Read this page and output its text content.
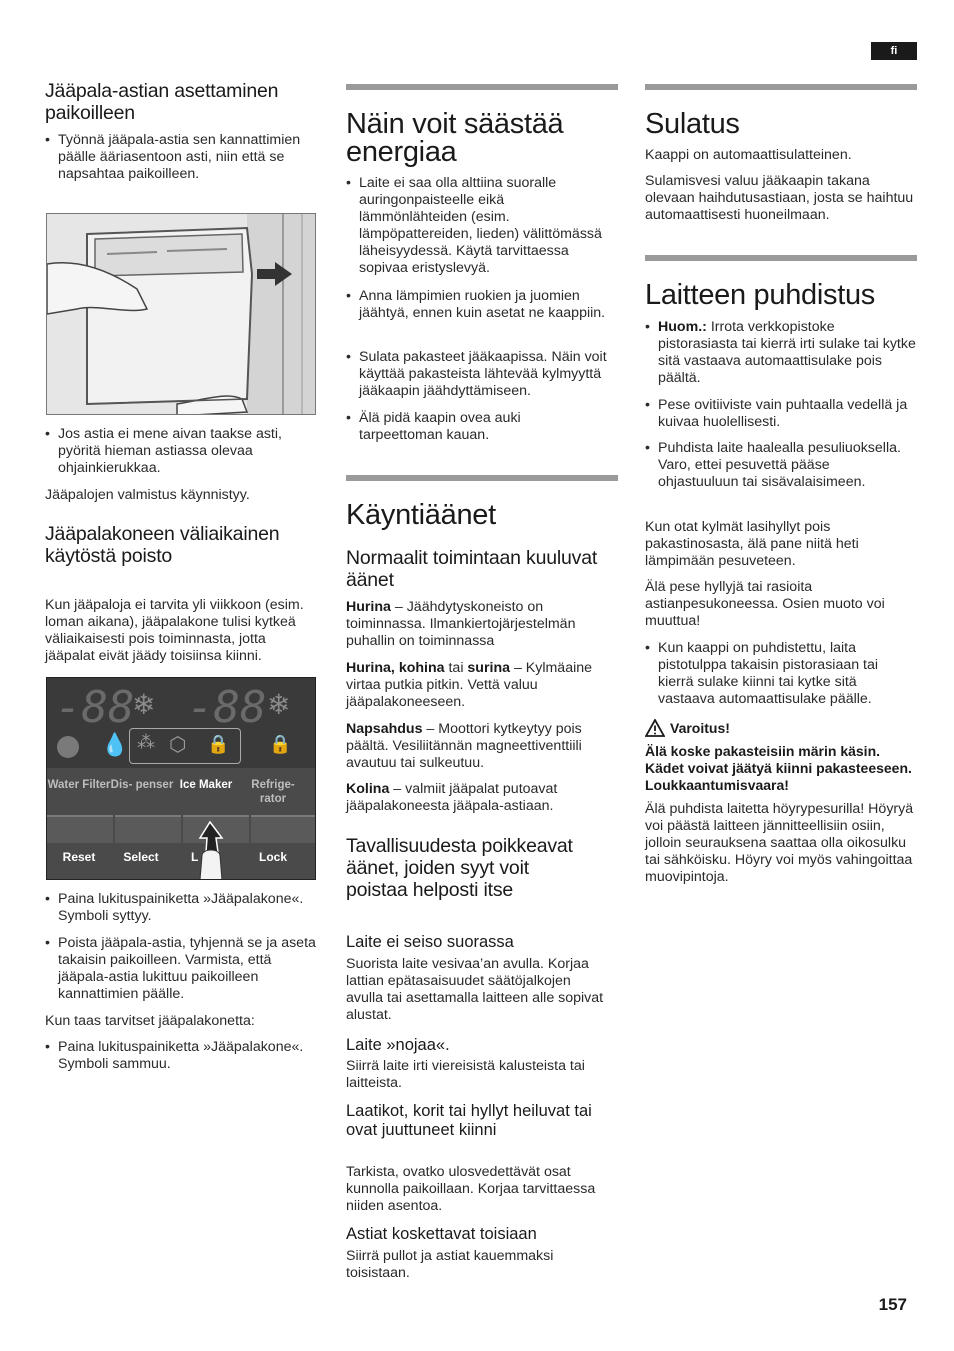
fi
Jääpala-astian asettaminen paikoilleen
• Työnnä jääpala-astia sen kannattimien päälle ääriasentoon asti, niin että se napsahtaa paikoilleen.
• Jos astia ei mene aivan taakse asti, pyöritä hieman astiassa olevaa ohjainkierukkaa.

Jääpalojen valmistus käynnistyy.

Jääpalakoneen väliaikainen käytöstä poisto

Kun jääpaloja ei tarvita yli viikkoon (esim. loman aikana), jääpalakone tulisi kytkeä väliaikaisesti pois toiminnasta, jotta jääpalat eivät jäädy toisiinsa kiinni.

-88 -88
❄	❄
💧 ⁂ ⬡ 🔒 🔒
Water Filter Dis- penser Ice Maker	Refrige- rator
Reset	Select	L	Lock
• Paina lukituspainiketta »Jääpalakone«. Symboli syttyy.
• Poista jääpala-astia, tyhjennä se ja aseta takaisin paikoilleen. Varmista, että jääpala-astia lukittuu paikoilleen kannattimien päälle.

Kun taas tarvitset jääpalakonetta:

• Paina lukituspainiketta »Jääpalakone«. Symboli sammuu.
Näin voit säästää energiaa
• Laite ei saa olla alttiina suoralle auringonpaisteelle eikä lämmönlähteiden (esim. lämpöpattereiden, lieden) välittömässä läheisyydessä. Käytä tarvittaessa sopivaa eristyslevyä.
• Anna lämpimien ruokien ja juomien jäähtyä, ennen kuin asetat ne kaappiin.
• Sulata pakasteet jääkaapissa. Näin voit käyttää pakasteista lähtevää kylmyyttä jääkaapin jäähdyttämiseen.
• Älä pidä kaapin ovea auki tarpeettoman kauan.
Käyntiäänet
Normaalit toimintaan kuuluvat äänet

Hurina – Jäähdytyskoneisto on toiminnassa. Ilmankiertojärjestelmän puhallin on toiminnassa

Hurina, kohina tai surina – Kylmäaine virtaa putkia pitkin. Vettä valuu jääpalakoneeseen.

Napsahdus – Moottori kytkeytyy pois päältä. Vesiliitännän magneettiventtiili avautuu tai sulkeutuu.

Kolina – valmiit jääpalat putoavat jääpalakoneesta jääpala-astiaan.

Tavallisuudesta poikkeavat äänet, joiden syyt voit poistaa helposti itse
Laite ei seiso suorassa

Suorista laite vesivaa’an avulla. Korjaa lattian epätasaisuudet säätöjalkojen avulla tai asettamalla laitteen alle sopivat alustat.

Laite »nojaa«.

Siirrä laite irti viereisistä kalusteista tai laitteista.

Laatikot, korit tai hyllyt heiluvat tai ovat juuttuneet kiinni

Tarkista, ovatko ulosvedettävät osat kunnolla paikoillaan. Korjaa tarvittaessa niiden asentoa.

Astiat koskettavat toisiaan

Siirrä pullot ja astiat kauemmaksi toisistaan.

Sulatus

Kaappi on automaattisulatteinen.

Sulamisvesi valuu jääkaapin takana olevaan haihdutusastiaan, josta se haihtuu automaattisesti huoneilmaan.

Laitteen puhdistus
• Huom.: Irrota verkkopistoke pistorasiasta tai kierrä irti sulake tai kytke sitä vastaava automaattisulake pois päältä.
• Pese ovitiiviste vain puhtaalla vedellä ja kuivaa huolellisesti.
• Puhdista laite haalealla pesuliuoksella. Varo, ettei pesuvettä pääse ohjastuuluun tai sisävalaisimeen.

Kun otat kylmät lasihyllyt pois pakastinosasta, älä pane niitä heti lämpimään pesuveteen.

Älä pese hyllyjä tai rasioita astianpesukoneessa. Osien muoto voi muuttua!

• Kun kaappi on puhdistettu, laita pistotulppa takaisin pistorasiaan tai kierrä sulake kiinni tai kytke sitä vastaava automaattisulake päälle.
Varoitus!
Älä koske pakasteisiin märin käsin. Kädet voivat jäätyä kiinni pakasteeseen. Loukkaantumisvaara!

Älä puhdista laitetta höyrypesurilla! Höyryä voi päästä laitteen jännitteellisiin osiin, jolloin seurauksena saattaa olla oikosulku tai sähköisku. Höyry voi myös vahingoittaa muovipintoja.

157
